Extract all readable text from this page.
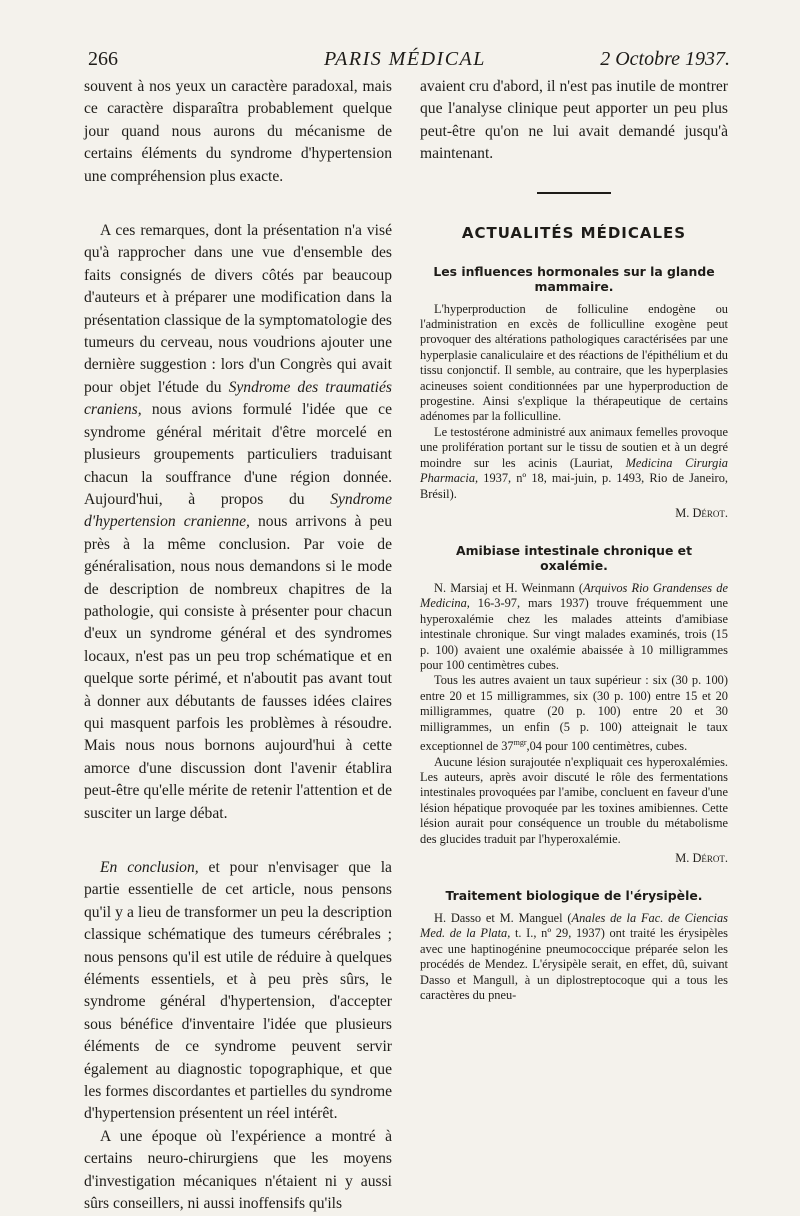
266	PARIS MÉDICAL	2 Octobre 1937.

souvent à nos yeux un caractère paradoxal, mais ce caractère disparaîtra probablement quelque jour quand nous aurons du mécanisme de certains éléments du syndrome d'hypertension une compréhension plus exacte.

A ces remarques, dont la présentation n'a visé qu'à rapprocher dans une vue d'ensemble des faits consignés de divers côtés par beaucoup d'auteurs et à préparer une modification dans la présentation classique de la symptomatologie des tumeurs du cerveau, nous voudrions ajouter une dernière suggestion : lors d'un Congrès qui avait pour objet l'étude du Syndrome des traumatiés craniens, nous avions formulé l'idée que ce syndrome général méritait d'être morcelé en plusieurs groupements particuliers traduisant chacun la souffrance d'une région donnée. Aujourd'hui, à propos du Syndrome d'hypertension cranienne, nous arrivons à peu près à la même conclusion. Par voie de généralisation, nous nous demandons si le mode de description de nombreux chapitres de la pathologie, qui consiste à présenter pour chacun d'eux un syndrome général et des syndromes locaux, n'est pas un peu trop schématique et en quelque sorte périmé, et n'aboutit pas avant tout à donner aux débutants de fausses idées claires qui masquent parfois les problèmes à résoudre. Mais nous nous bornons aujourd'hui à cette amorce d'une discussion dont l'avenir établira peut-être qu'elle mérite de retenir l'attention et de susciter un large débat.

En conclusion, et pour n'envisager que la partie essentielle de cet article, nous pensons qu'il y a lieu de transformer un peu la description classique schématique des tumeurs cérébrales ; nous pensons qu'il est utile de réduire à quelques éléments essentiels, et à peu près sûrs, le syndrome général d'hypertension, d'accepter sous bénéfice d'inventaire l'idée que plusieurs éléments de ce syndrome peuvent servir également au diagnostic topographique, et que les formes discordantes et partielles du syndrome d'hypertension présentent un réel intérêt.

A une époque où l'expérience a montré à certains neuro-chirurgiens que les moyens d'investigation mécaniques n'étaient ni y aussi sûrs conseillers, ni aussi inoffensifs qu'ils

avaient cru d'abord, il n'est pas inutile de montrer que l'analyse clinique peut apporter un peu plus peut-être qu'on ne lui avait demandé jusqu'à maintenant.

ACTUALITÉS MÉDICALES
Les influences hormonales sur la glande mammaire.

L'hyperproduction de folliculine endogène ou l'administration en excès de folliculline exogène peut provoquer des altérations pathologiques caractérisées par une hyperplasie canaliculaire et des réactions de l'épithélium et du tissu conjonctif. Il semble, au contraire, que les hyperplasies acineuses soient conditionnées par une hyperproduction de progestine. Ainsi s'explique la thérapeutique de certains adénomes par la folliculline.

Le testostérone administré aux animaux femelles provoque une prolifération portant sur le tissu de soutien et à un degré moindre sur les acinis (Lauriat, Medicina Cirurgia Pharmacia, 1937, nº 18, mai-juin, p. 1493, Rio de Janeiro, Brésil).

M. Dérot.
Amibiase intestinale chronique et oxalémie.

N. Marsiaj et H. Weinmann (Arquivos Rio Grandenses de Medicina, 16-3-97, mars 1937) trouve fréquemment une hyperoxalémie chez les malades atteints d'amibiase intestinale chronique. Sur vingt malades examinés, trois (15 p. 100) avaient une oxalémie abaissée à 10 milligrammes pour 100 centimètres cubes.

Tous les autres avaient un taux supérieur : six (30 p. 100) entre 20 et 15 milligrammes, six (30 p. 100) entre 15 et 20 milligrammes, quatre (20 p. 100) entre 20 et 30 milligrammes, un enfin (5 p. 100) atteignait le taux exceptionnel de $37^{mgr},04$ pour 100 centimètres, cubes.

Aucune lésion surajoutée n'expliquait ces hyperoxalémies. Les auteurs, après avoir discuté le rôle des fermentations intestinales provoquées par l'amibe, concluent en faveur d'une lésion hépatique provoquée par les toxines amibiennes. Cette lésion aurait pour conséquence un trouble du métabolisme des glucides traduit par l'hyperoxalémie.

M. Dérot.
Traitement biologique de l'érysipèle.

H. Dasso et M. Manguel (Anales de la Fac. de Ciencias Med. de la Plata, t. I., nº 29, 1937) ont traité les érysipèles avec une haptinogénine pneumococcique préparée selon les procédés de Mendez. L'érysipèle serait, en effet, dû, suivant Dasso et Mangull, à un diplostreptocoque qui a tous les caractères du pneu-
